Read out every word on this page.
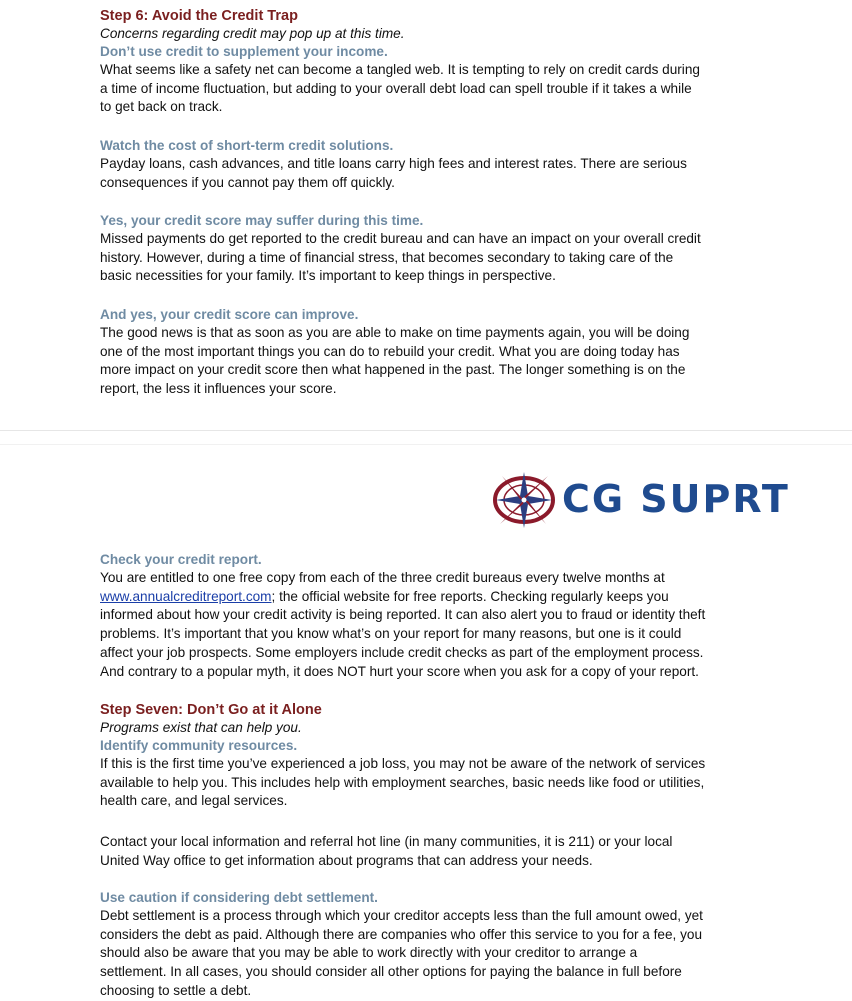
Step 6: Avoid the Credit Trap

Concerns regarding credit may pop up at this time.

Don’t use credit to supplement your income.

What seems like a safety net can become a tangled web. It is tempting to rely on credit cards during

a time of income fluctuation, but adding to your overall debt load can spell trouble if it takes a while

to get back on track.

Watch the cost of short-term credit solutions.

Payday loans, cash advances, and title loans carry high fees and interest rates. There are serious

consequences if you cannot pay them off quickly.

Yes, your credit score may suffer during this time.

Missed payments do get reported to the credit bureau and can have an impact on your overall credit

history. However, during a time of financial stress, that becomes secondary to taking care of the

basic necessities for your family. It’s important to keep things in perspective.

And yes, your credit score can improve.

The good news is that as soon as you are able to make on time payments again, you will be doing

one of the most important things you can do to rebuild your credit. What you are doing today has

more impact on your credit score then what happened in the past. The longer something is on the

report, the less it influences your score.

CG SUPRT

Check your credit report.

You are entitled to one free copy from each of the three credit bureaus every twelve months at

www.annualcreditreport.com; the official website for free reports. Checking regularly keeps you

informed about how your credit activity is being reported. It can also alert you to fraud or identity theft

problems. It’s important that you know what’s on your report for many reasons, but one is it could

affect your job prospects. Some employers include credit checks as part of the employment process.

And contrary to a popular myth, it does NOT hurt your score when you ask for a copy of your report.

Step Seven: Don’t Go at it Alone

Programs exist that can help you.

Identify community resources.

If this is the first time you’ve experienced a job loss, you may not be aware of the network of services

available to help you. This includes help with employment searches, basic needs like food or utilities,

health care, and legal services.

Contact your local information and referral hot line (in many communities, it is 211) or your local

United Way office to get information about programs that can address your needs.

Use caution if considering debt settlement.

Debt settlement is a process through which your creditor accepts less than the full amount owed, yet

considers the debt as paid. Although there are companies who offer this service to you for a fee, you

should also be aware that you may be able to work directly with your creditor to arrange a

settlement. In all cases, you should consider all other options for paying the balance in full before

choosing to settle a debt.
